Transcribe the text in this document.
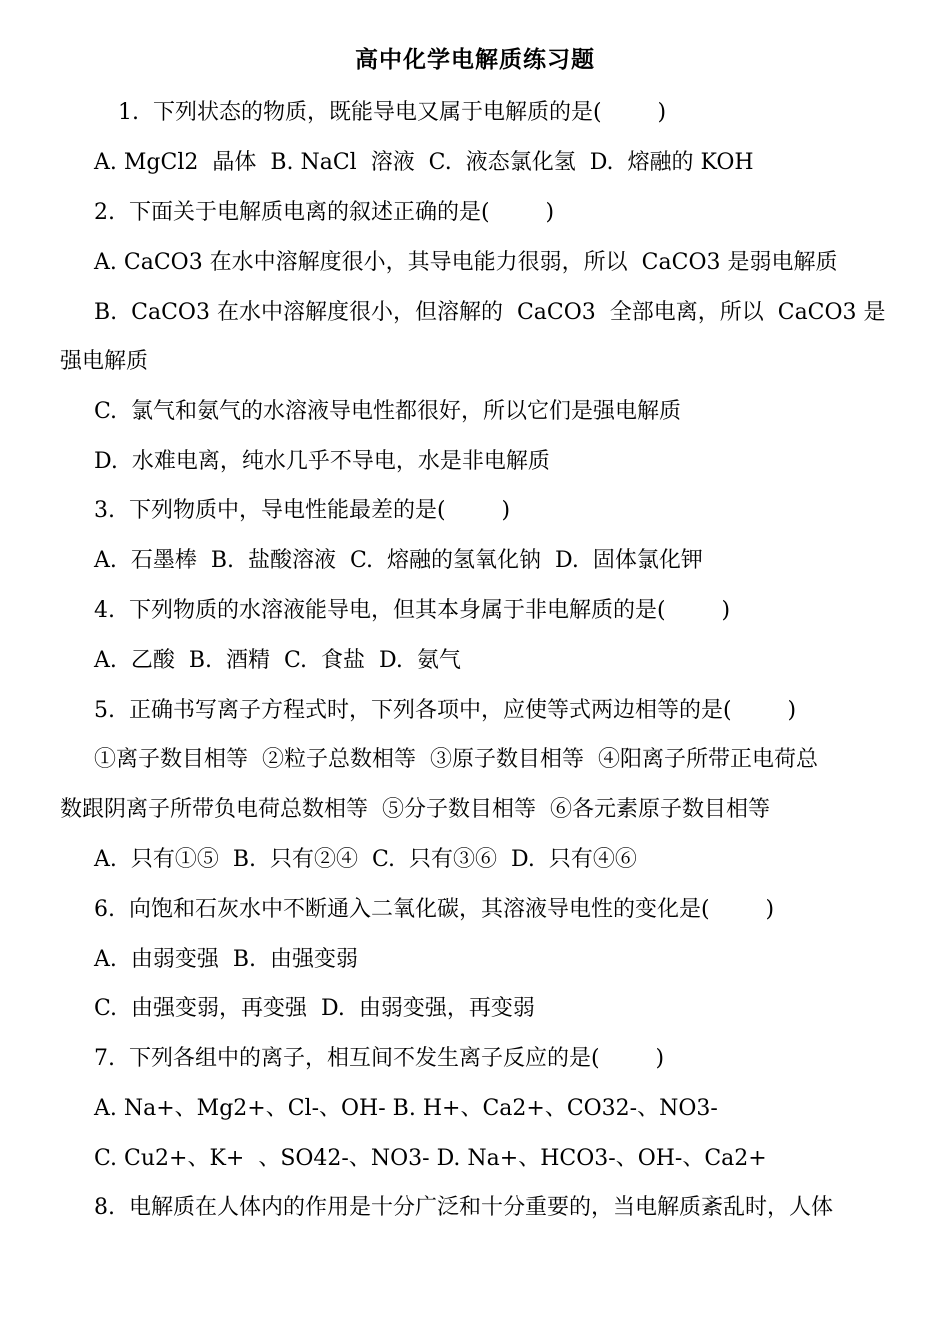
高中化学电解质练习题
1.  下列状态的物质，既能导电又属于电解质的是(        )
A. MgCl2  晶体  B. NaCl  溶液  C.  液态氯化氢  D.  熔融的 KOH
2.  下面关于电解质电离的叙述正确的是(        )
A. CaCO3 在水中溶解度很小，其导电能力很弱，所以  CaCO3 是弱电解质
B.  CaCO3 在水中溶解度很小，但溶解的  CaCO3  全部电离，所以  CaCO3 是
强电解质
C.  氯气和氨气的水溶液导电性都很好，所以它们是强电解质
D.  水难电离，纯水几乎不导电，水是非电解质
3.  下列物质中，导电性能最差的是(        )
A.  石墨棒  B.  盐酸溶液  C.  熔融的氢氧化钠  D.  固体氯化钾
4.  下列物质的水溶液能导电，但其本身属于非电解质的是(        )
A.  乙酸  B.  酒精  C.  食盐  D.  氨气
5.  正确书写离子方程式时，下列各项中，应使等式两边相等的是(        )
①离子数目相等  ②粒子总数相等  ③原子数目相等  ④阳离子所带正电荷总
数跟阴离子所带负电荷总数相等  ⑤分子数目相等  ⑥各元素原子数目相等
A.  只有①⑤  B.  只有②④  C.  只有③⑥  D.  只有④⑥
6.  向饱和石灰水中不断通入二氧化碳，其溶液导电性的变化是(        )
A.  由弱变强  B.  由强变弱
C.  由强变弱，再变强  D.  由弱变强，再变弱
7.  下列各组中的离子，相互间不发生离子反应的是(        )
A. Na+、Mg2+、Cl-、OH- B. H+、Ca2+、CO32-、NO3-
C. Cu2+、K+  、SO42-、NO3- D. Na+、HCO3-、OH-、Ca2+
8.  电解质在人体内的作用是十分广泛和十分重要的，当电解质紊乱时，人体
